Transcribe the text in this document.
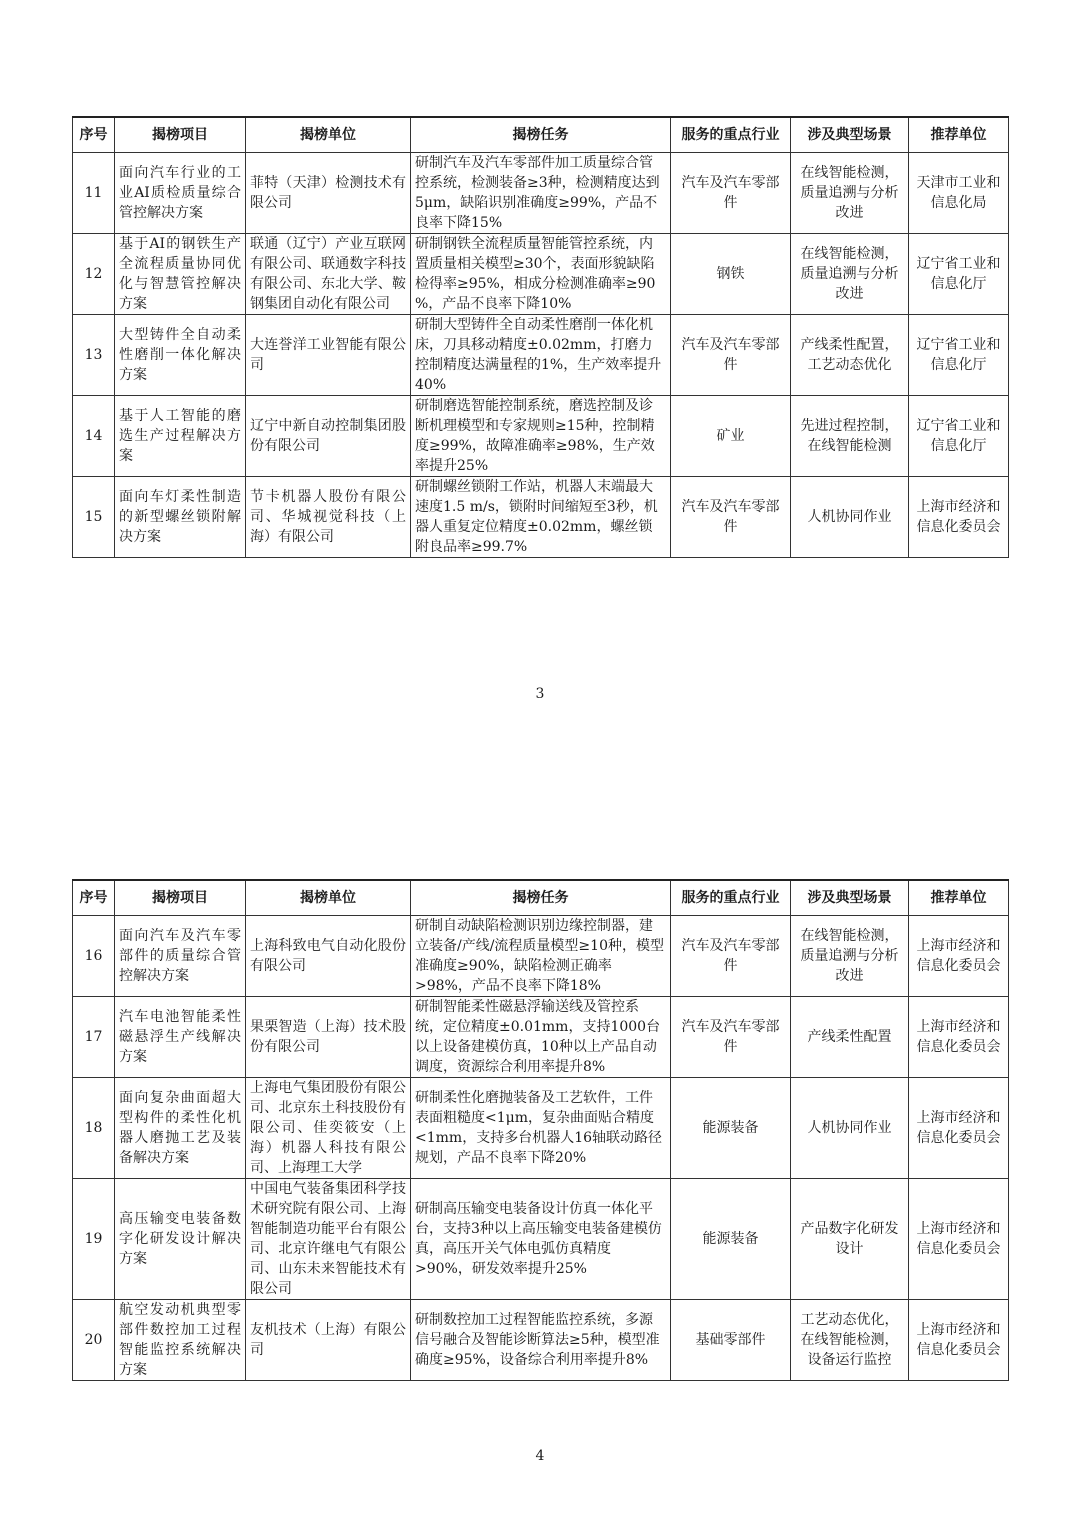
序号	揭榜项目	揭榜单位	揭榜任务	服务的重点行业	涉及典型场景	推荐单位
11	面向汽车行业的工业AI质检质量综合管控解决方案	菲特（天津）检测技术有限公司	研制汽车及汽车零部件加工质量综合管控系统，检测装备≥3种，检测精度达到5μm，缺陷识别准确度≥99%，产品不良率下降15%	汽车及汽车零部件	在线智能检测，质量追溯与分析改进	天津市工业和信息化局
12	基于AI的钢铁生产全流程质量协同优化与智慧管控解决方案	联通（辽宁）产业互联网有限公司、联通数字科技有限公司、东北大学、鞍钢集团自动化有限公司	研制钢铁全流程质量智能管控系统，内置质量相关模型≥30个，表面形貌缺陷检得率≥95%，相成分检测准确率≥90 %，产品不良率下降10%	钢铁	在线智能检测，质量追溯与分析改进	辽宁省工业和信息化厅
13	大型铸件全自动柔性磨削一体化解决方案	大连誉洋工业智能有限公司	研制大型铸件全自动柔性磨削一体化机床，刀具移动精度±0.02mm，打磨力控制精度达满量程的1%，生产效率提升40%	汽车及汽车零部件	产线柔性配置，工艺动态优化	辽宁省工业和信息化厅
14	基于人工智能的磨选生产过程解决方案	辽宁中新自动控制集团股份有限公司	研制磨选智能控制系统，磨选控制及诊断机理模型和专家规则≥15种，控制精度≥99%，故障准确率≥98%，生产效率提升25%	矿业	先进过程控制，在线智能检测	辽宁省工业和信息化厅
15	面向车灯柔性制造的新型螺丝锁附解决方案	节卡机器人股份有限公司、华城视觉科技（上海）有限公司	研制螺丝锁附工作站，机器人末端最大速度1.5 m/s，锁附时间缩短至3秒，机器人重复定位精度±0.02mm，螺丝锁附良品率≥99.7%	汽车及汽车零部件	人机协同作业	上海市经济和信息化委员会
3
序号	揭榜项目	揭榜单位	揭榜任务	服务的重点行业	涉及典型场景	推荐单位
16	面向汽车及汽车零部件的质量综合管控解决方案	上海科致电气自动化股份有限公司	研制自动缺陷检测识别边缘控制器，建立装备/产线/流程质量模型≥10种，模型准确度≥90%，缺陷检测正确率>98%，产品不良率下降18%	汽车及汽车零部件	在线智能检测，质量追溯与分析改进	上海市经济和信息化委员会
17	汽车电池智能柔性磁悬浮生产线解决方案	果栗智造（上海）技术股份有限公司	研制智能柔性磁悬浮输送线及管控系统，定位精度±0.01mm，支持1000台以上设备建模仿真，10种以上产品自动调度，资源综合利用率提升8%	汽车及汽车零部件	产线柔性配置	上海市经济和信息化委员会
18	面向复杂曲面超大型构件的柔性化机器人磨抛工艺及装备解决方案	上海电气集团股份有限公司、北京东土科技股份有限公司、佳奕筱安（上海）机器人科技有限公司、上海理工大学	研制柔性化磨抛装备及工艺软件，工件表面粗糙度<1μm，复杂曲面贴合精度<1mm，支持多台机器人16轴联动路径规划，产品不良率下降20%	能源装备	人机协同作业	上海市经济和信息化委员会
19	高压输变电装备数字化研发设计解决方案	中国电气装备集团科学技术研究院有限公司、上海智能制造功能平台有限公司、北京许继电气有限公司、山东未来智能技术有限公司	研制高压输变电装备设计仿真一体化平台，支持3种以上高压输变电装备建模仿真，高压开关气体电弧仿真精度>90%，研发效率提升25%	能源装备	产品数字化研发设计	上海市经济和信息化委员会
20	航空发动机典型零部件数控加工过程智能监控系统解决方案	友机技术（上海）有限公司	研制数控加工过程智能监控系统，多源信号融合及智能诊断算法≥5种，模型准确度≥95%，设备综合利用率提升8%	基础零部件	工艺动态优化，在线智能检测，设备运行监控	上海市经济和信息化委员会
4
